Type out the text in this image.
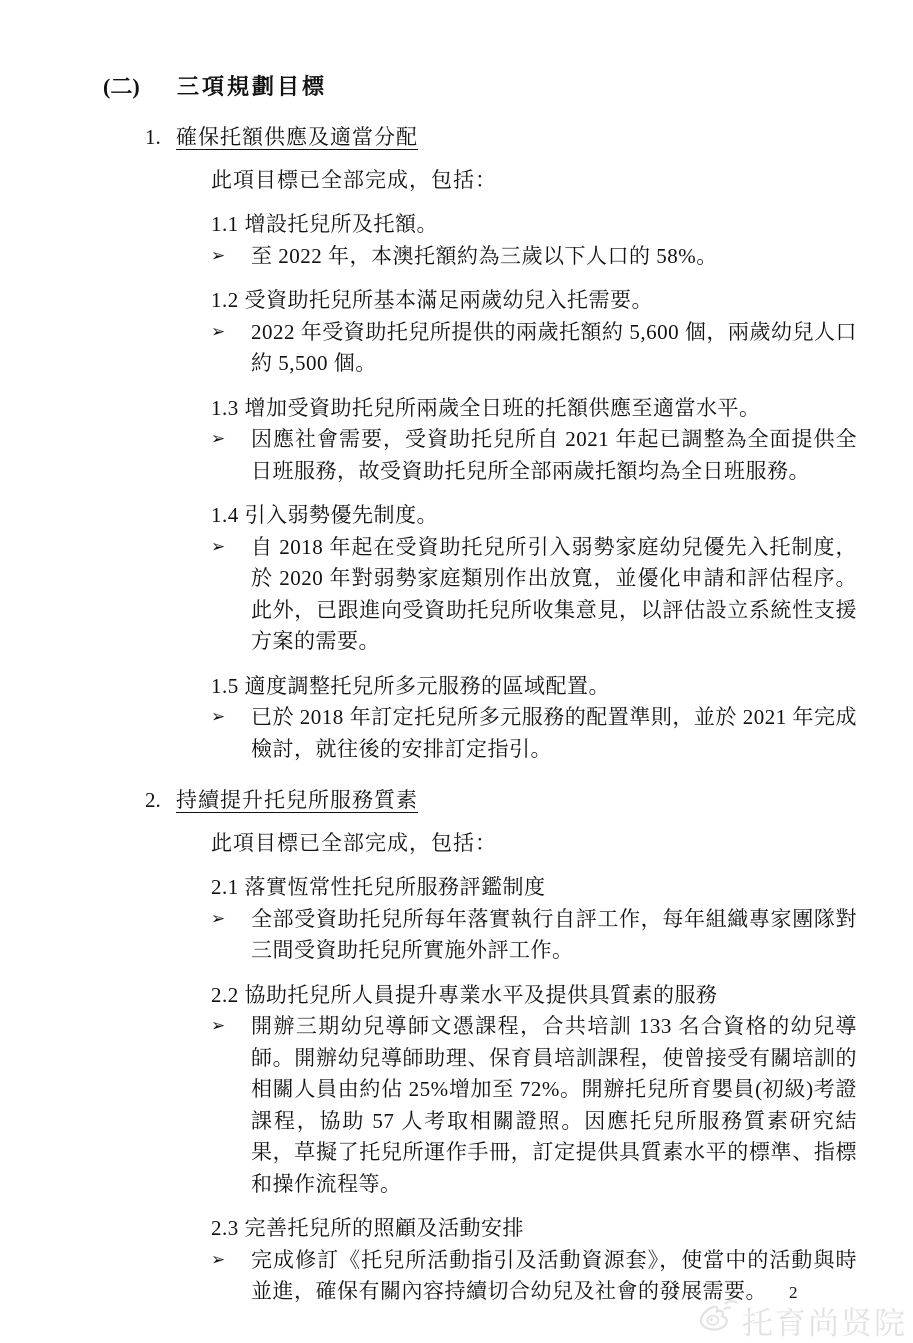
(二)	三項規劃目標
1. 確保托額供應及適當分配
此項目標已全部完成，包括：
1.1 增設托兒所及托額。
➢	至 2022 年，本澳托額約為三歲以下人口的 58%。
1.2 受資助托兒所基本滿足兩歲幼兒入托需要。
➢	2022 年受資助托兒所提供的兩歲托額約 5,600 個，兩歲幼兒人口約 5,500 個。
1.3 增加受資助托兒所兩歲全日班的托額供應至適當水平。
➢	因應社會需要，受資助托兒所自 2021 年起已調整為全面提供全日班服務，故受資助托兒所全部兩歲托額均為全日班服務。
1.4 引入弱勢優先制度。
➢	自 2018 年起在受資助托兒所引入弱勢家庭幼兒優先入托制度，於 2020 年對弱勢家庭類別作出放寬，並優化申請和評估程序。此外，已跟進向受資助托兒所收集意見，以評估設立系統性支援方案的需要。
1.5 適度調整托兒所多元服務的區域配置。
➢	已於 2018 年訂定托兒所多元服務的配置準則，並於 2021 年完成檢討，就往後的安排訂定指引。
2. 持續提升托兒所服務質素
此項目標已全部完成，包括：
2.1 落實恆常性托兒所服務評鑑制度
➢	全部受資助托兒所每年落實執行自評工作，每年組織專家團隊對三間受資助托兒所實施外評工作。
2.2 協助托兒所人員提升專業水平及提供具質素的服務
➢	開辦三期幼兒導師文憑課程，合共培訓 133 名合資格的幼兒導師。開辦幼兒導師助理、保育員培訓課程，使曾接受有關培訓的相關人員由約佔 25%增加至 72%。開辦托兒所育嬰員(初級)考證課程，協助 57 人考取相關證照。因應托兒所服務質素研究結果，草擬了托兒所運作手冊，訂定提供具質素水平的標準、指標和操作流程等。
2.3 完善托兒所的照顧及活動安排
➢	完成修訂《托兒所活動指引及活動資源套》，使當中的活動與時並進，確保有關內容持續切合幼兒及社會的發展需要。	2
托育尚贤院
